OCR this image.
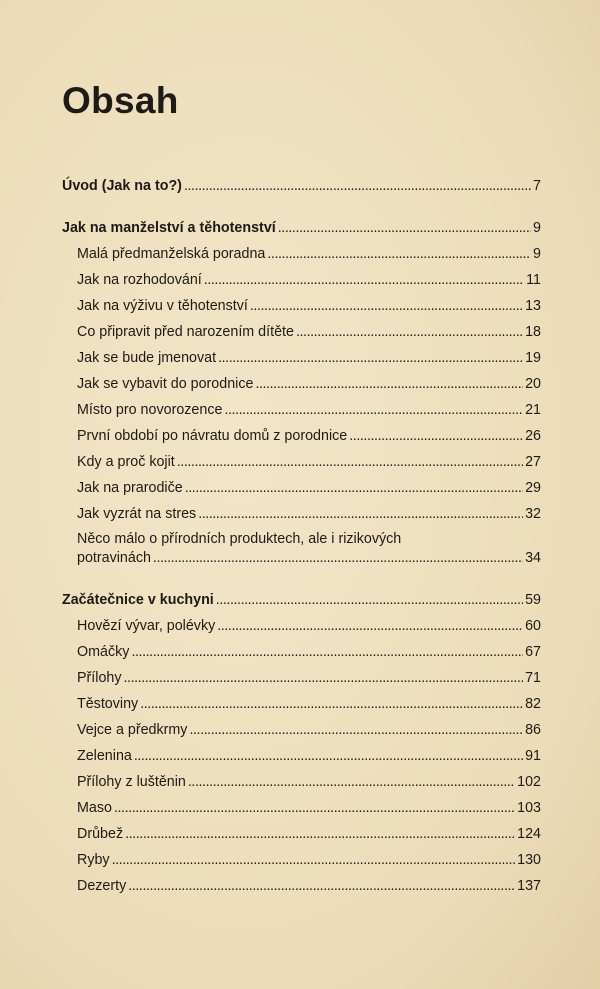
Obsah
Úvod (Jak na to?) . . .	7
Jak na manželství a těhotenství . . .	9
Malá předmanželská poradna . . .	9
Jak na rozhodování . . .	11
Jak na výživu v těhotenství . . .	13
Co připravit před narozením dítěte . . .	18
Jak se bude jmenovat . . .	19
Jak se vybavit do porodnice . . .	20
Místo pro novorozence . . .	21
První období po návratu domů z porodnice . . .	26
Kdy a proč kojit . . .	27
Jak na prarodiče . . .	29
Jak vyzrát na stres . . .	32
Něco málo o přírodních produktech, ale i rizikových
potravinách . . .	34
Začátečnice v kuchyni . . .	59
Hovězí vývar, polévky . . .	60
Omáčky . . .	67
Přílohy . . .	71
Těstoviny . . .	82
Vejce a předkrmy . . .	86
Zelenina . . .	91
Přílohy z luštěnin . . .	102
Maso . . .	103
Drůbež . . .	124
Ryby . . .	130
Dezerty . . .	137
